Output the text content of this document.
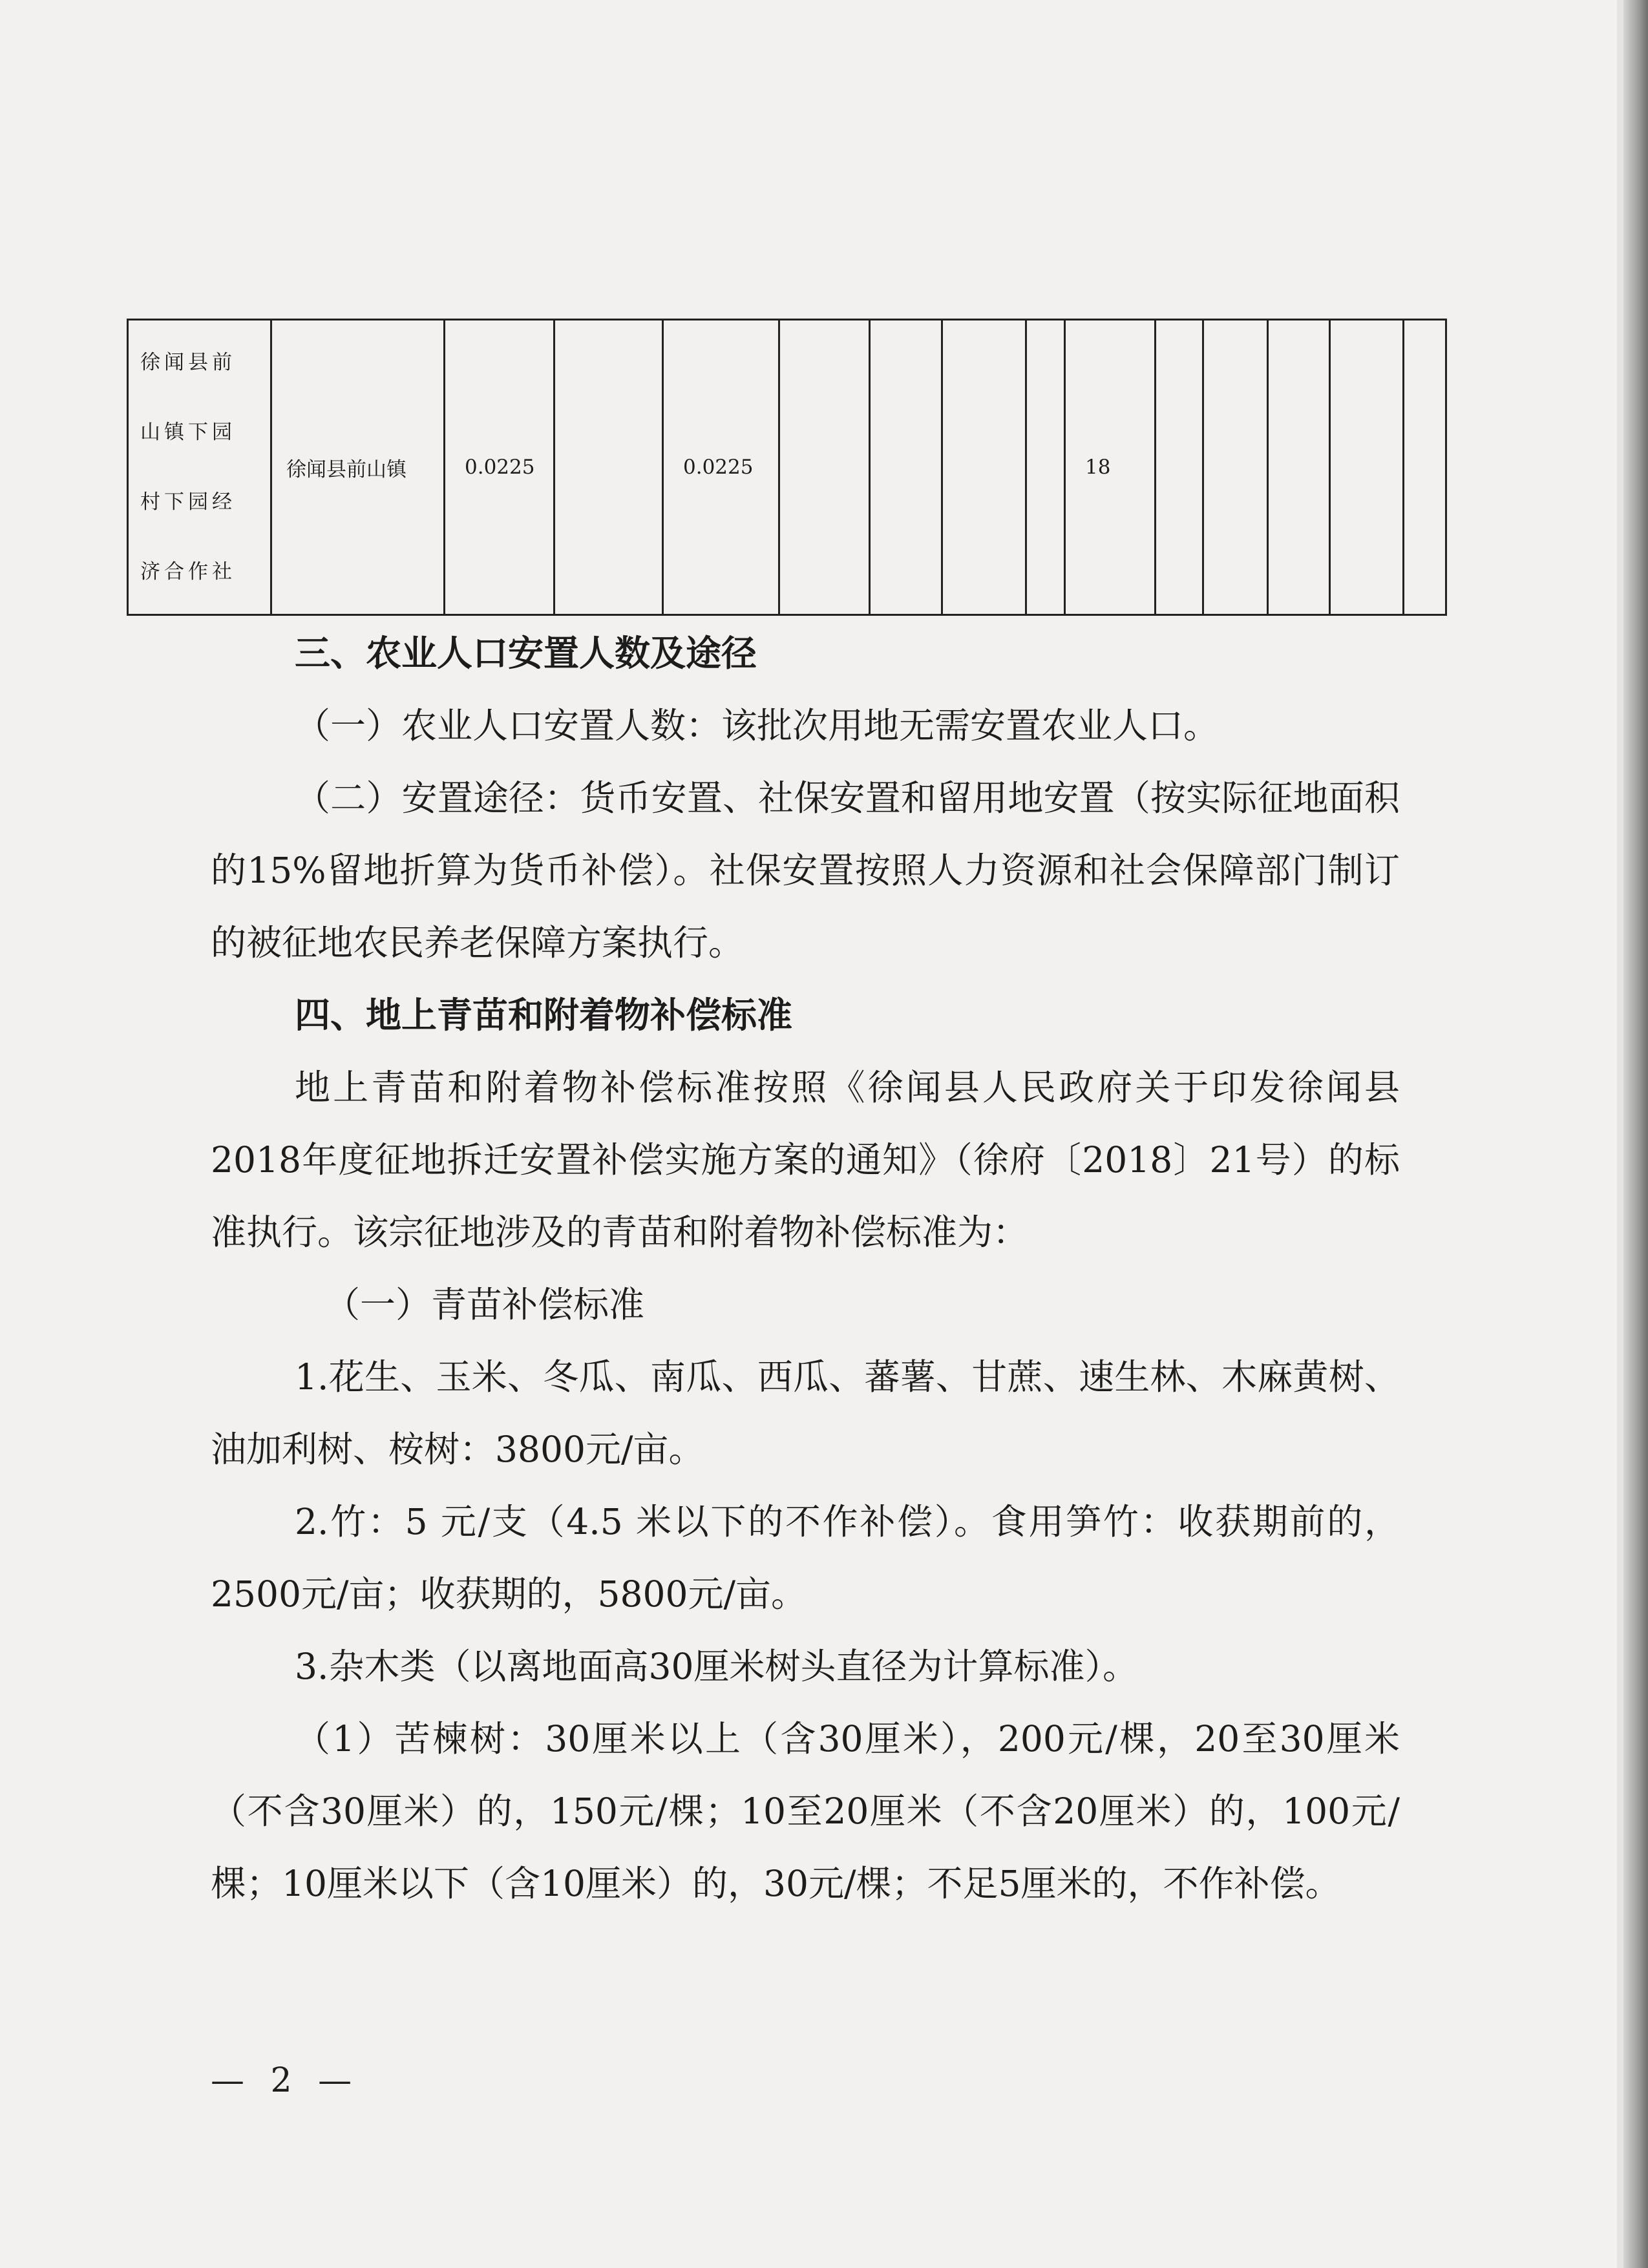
徐闻县前
山镇下园
村下园经
济合作社
	徐闻县前山镇	0.0225		0.0225					18					

三、农业人口安置人数及途径

（一）农业人口安置人数：该批次用地无需安置农业人口。

（二）安置途径：货币安置、社保安置和留用地安置（按实际征地面积的15%留地折算为货币补偿）。社保安置按照人力资源和社会保障部门制订的被征地农民养老保障方案执行。

四、地上青苗和附着物补偿标准

地上青苗和附着物补偿标准按照《徐闻县人民政府关于印发徐闻县2018年度征地拆迁安置补偿实施方案的通知》（徐府〔2018〕21号）的标准执行。该宗征地涉及的青苗和附着物补偿标准为：

（一）青苗补偿标准

1.花生、玉米、冬瓜、南瓜、西瓜、蕃薯、甘蔗、速生林、木麻黄树、油加利树、桉树：3800元/亩。

2.竹：5 元/支（4.5 米以下的不作补偿）。食用笋竹：收获期前的，2500元/亩；收获期的，5800元/亩。

3.杂木类（以离地面高30厘米树头直径为计算标准）。

（1）苦楝树：30厘米以上（含30厘米），200元/棵，20至30厘米（不含30厘米）的，150元/棵；10至20厘米（不含20厘米）的，100元/棵；10厘米以下（含10厘米）的，30元/棵；不足5厘米的，不作补偿。

— 2 —
